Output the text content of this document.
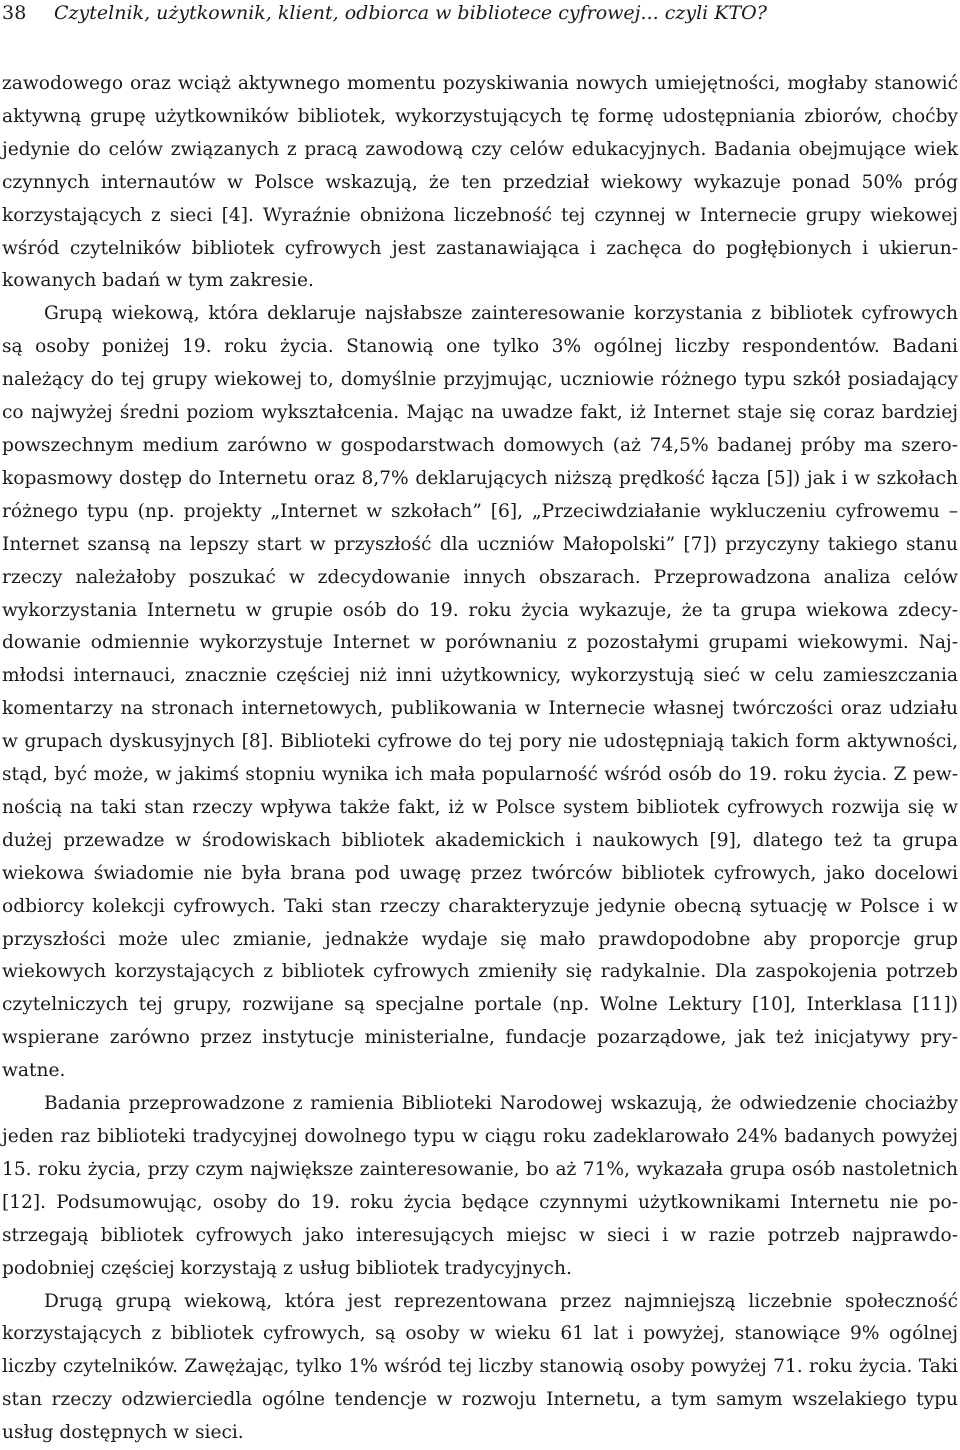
38	Czytelnik, użytkownik, klient, odbiorca w bibliotece cyfrowej... czyli KTO?

zawodowego oraz wciąż aktywnego momentu pozyskiwania nowych umiejętności, mogłaby stanowić aktywną grupę użytkowników bibliotek, wykorzystujących tę formę udostępniania zbiorów, choćby jedynie do celów związanych z pracą zawodową czy celów edukacyjnych. Badania obejmujące wiek czynnych internautów w Polsce wskazują, że ten przedział wiekowy wykazuje ponad 50% próg korzystających z sieci [4]. Wyraźnie obniżona liczebność tej czynnej w Internecie grupy wiekowej wśród czytelników bibliotek cyfrowych jest zastanawiająca i zachęca do pogłębionych i ukierunkowanych badań w tym zakresie.

Grupą wiekową, która deklaruje najsłabsze zainteresowanie korzystania z bibliotek cyfrowych są osoby poniżej 19. roku życia. Stanowią one tylko 3% ogólnej liczby respondentów. Badani należący do tej grupy wiekowej to, domyślnie przyjmując, uczniowie różnego typu szkół posiadający co najwyżej średni poziom wykształcenia. Mając na uwadze fakt, iż Internet staje się coraz bardziej powszechnym medium zarówno w gospodarstwach domowych (aż 74,5% badanej próby ma szerokopasmowy dostęp do Internetu oraz 8,7% deklarujących niższą prędkość łącza [5]) jak i w szkołach różnego typu (np. projekty „Internet w szkołach” [6], „Przeciwdziałanie wykluczeniu cyfrowemu – Internet szansą na lepszy start w przyszłość dla uczniów Małopolski” [7]) przyczyny takiego stanu rzeczy należałoby poszukać w zdecydowanie innych obszarach. Przeprowadzona analiza celów wykorzystania Internetu w grupie osób do 19. roku życia wykazuje, że ta grupa wiekowa zdecydowanie odmiennie wykorzystuje Internet w porównaniu z pozostałymi grupami wiekowymi. Najmłodsi internauci, znacznie częściej niż inni użytkownicy, wykorzystują sieć w celu zamieszczania komentarzy na stronach internetowych, publikowania w Internecie własnej twórczości oraz udziału w grupach dyskusyjnych [8]. Biblioteki cyfrowe do tej pory nie udostępniają takich form aktywności, stąd, być może, w jakimś stopniu wynika ich mała popularność wśród osób do 19. roku życia. Z pewnością na taki stan rzeczy wpływa także fakt, iż w Polsce system bibliotek cyfrowych rozwija się w dużej przewadze w środowiskach bibliotek akademickich i naukowych [9], dlatego też ta grupa wiekowa świadomie nie była brana pod uwagę przez twórców bibliotek cyfrowych, jako docelowi odbiorcy kolekcji cyfrowych. Taki stan rzeczy charakteryzuje jedynie obecną sytuację w Polsce i w przyszłości może ulec zmianie, jednakże wydaje się mało prawdopodobne aby proporcje grup wiekowych korzystających z bibliotek cyfrowych zmieniły się radykalnie. Dla zaspokojenia potrzeb czytelniczych tej grupy, rozwijane są specjalne portale (np. Wolne Lektury [10], Interklasa [11]) wspierane zarówno przez instytucje ministerialne, fundacje pozarządowe, jak też inicjatywy prywatne.

Badania przeprowadzone z ramienia Biblioteki Narodowej wskazują, że odwiedzenie chociażby jeden raz biblioteki tradycyjnej dowolnego typu w ciągu roku zadeklarowało 24% badanych powyżej 15. roku życia, przy czym największe zainteresowanie, bo aż 71%, wykazała grupa osób nastoletnich [12]. Podsumowując, osoby do 19. roku życia będące czynnymi użytkownikami Internetu nie postrzegają bibliotek cyfrowych jako interesujących miejsc w sieci i w razie potrzeb najprawdopodobniej częściej korzystają z usług bibliotek tradycyjnych.

Drugą grupą wiekową, która jest reprezentowana przez najmniejszą liczebnie społeczność korzystających z bibliotek cyfrowych, są osoby w wieku 61 lat i powyżej, stanowiące 9% ogólnej liczby czytelników. Zawężając, tylko 1% wśród tej liczby stanowią osoby powyżej 71. roku życia. Taki stan rzeczy odzwierciedla ogólne tendencje w rozwoju Internetu, a tym samym wszelakiego typu usług dostępnych w sieci.
